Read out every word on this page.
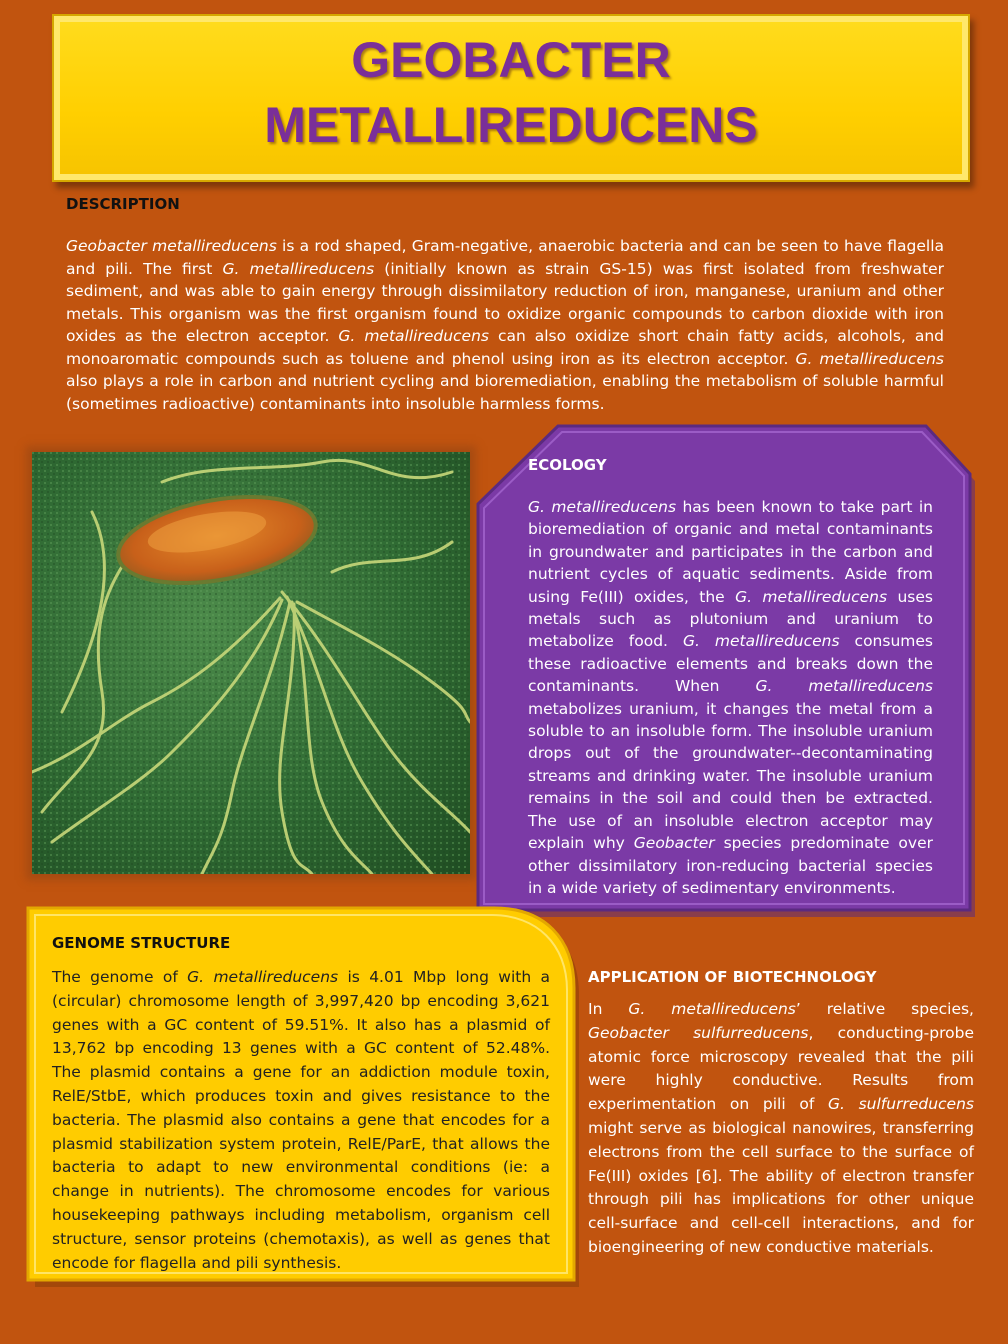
GEOBACTER
METALLIREDUCENS
DESCRIPTION

Geobacter metallireducens is a rod shaped, Gram-negative, anaerobic bacteria and can be seen to have flagella and pili. The first G. metallireducens (initially known as strain GS-15) was first isolated from freshwater sediment, and was able to gain energy through dissimilatory reduction of iron, manganese, uranium and other metals. This organism was the first organism found to oxidize organic compounds to carbon dioxide with iron oxides as the electron acceptor. G. metallireducens can also oxidize short chain fatty acids, alcohols, and monoaromatic compounds such as toluene and phenol using iron as its electron acceptor. G. metallireducens also plays a role in carbon and nutrient cycling and bioremediation, enabling the metabolism of soluble harmful (sometimes radioactive) contaminants into insoluble harmless forms.

ECOLOGY

G. metallireducens has been known to take part in bioremediation of organic and metal contaminants in groundwater and participates in the carbon and nutrient cycles of aquatic sediments. Aside from using Fe(III) oxides, the G. metallireducens uses metals such as plutonium and uranium to metabolize food. G. metallireducens consumes these radioactive elements and breaks down the contaminants. When G. metallireducens metabolizes uranium, it changes the metal from a soluble to an insoluble form. The insoluble uranium drops out of the groundwater--decontaminating streams and drinking water. The insoluble uranium remains in the soil and could then be extracted. The use of an insoluble electron acceptor may explain why Geobacter species predominate over other dissimilatory iron-reducing bacterial species in a wide variety of sedimentary environments.

GENOME STRUCTURE

The genome of G. metallireducens is 4.01 Mbp long with a (circular) chromosome length of 3,997,420 bp encoding 3,621 genes with a GC content of 59.51%. It also has a plasmid of 13,762 bp encoding 13 genes with a GC content of 52.48%. The plasmid contains a gene for an addiction module toxin, RelE/StbE, which produces toxin and gives resistance to the bacteria. The plasmid also contains a gene that encodes for a plasmid stabilization system protein, RelE/ParE, that allows the bacteria to adapt to new environmental conditions (ie: a change in nutrients). The chromosome encodes for various housekeeping pathways including metabolism, organism cell structure, sensor proteins (chemotaxis), as well as genes that encode for flagella and pili synthesis.

APPLICATION OF BIOTECHNOLOGY

In G. metallireducens’ relative species, Geobacter sulfurreducens, conducting-probe atomic force microscopy revealed that the pili were highly conductive. Results from experimentation on pili of G. sulfurreducens might serve as biological nanowires, transferring electrons from the cell surface to the surface of Fe(III) oxides [6]. The ability of electron transfer through pili has implications for other unique cell-surface and cell-cell interactions, and for bioengineering of new conductive materials.
